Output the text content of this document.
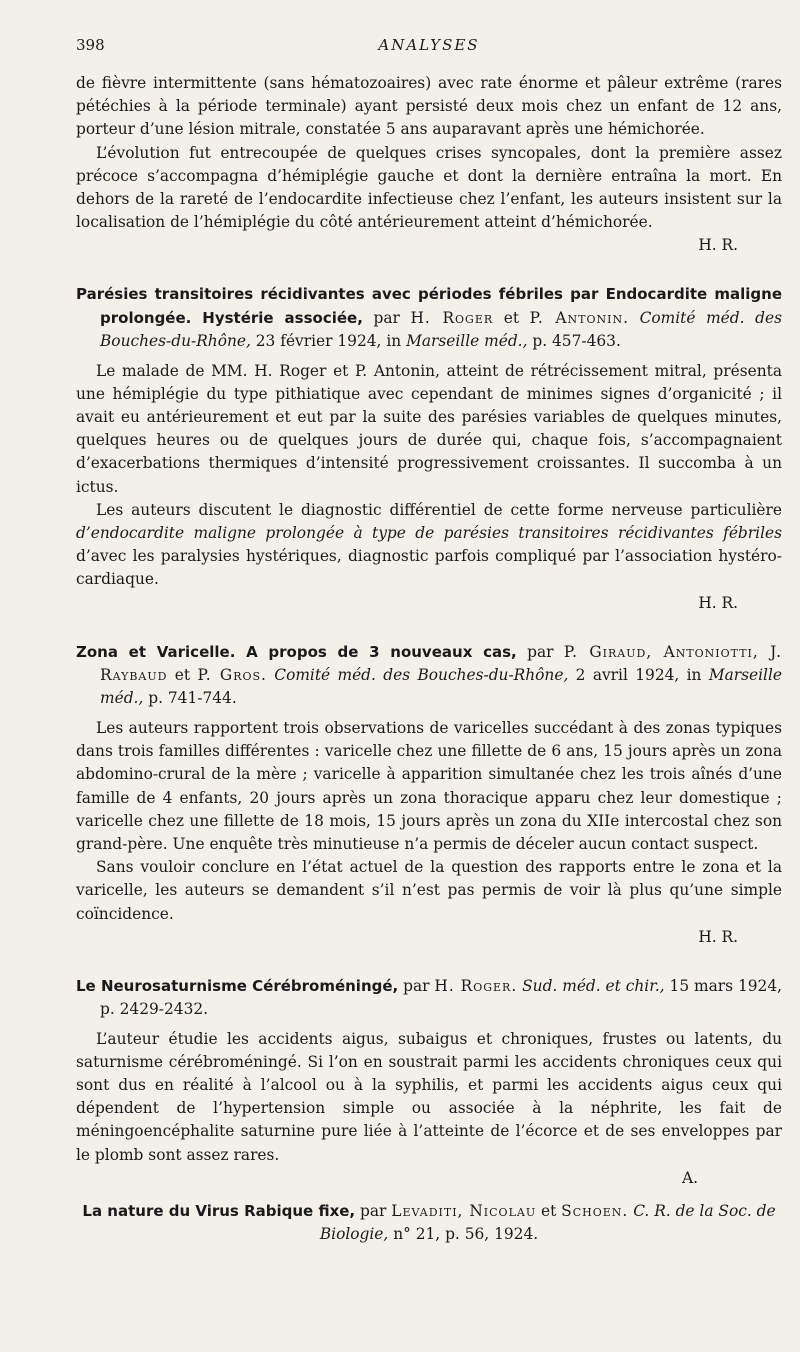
398	ANALYSES

de fièvre intermittente (sans hématozoaires) avec rate énorme et pâleur extrême (rares pétéchies à la période terminale) ayant persisté deux mois chez un enfant de 12 ans, porteur d’une lésion mitrale, constatée 5 ans auparavant après une hémichorée.

L’évolution fut entrecoupée de quelques crises syncopales, dont la première assez précoce s’accompagna d’hémiplégie gauche et dont la dernière entraîna la mort. En dehors de la rareté de l’endocardite infectieuse chez l’enfant, les auteurs insistent sur la localisation de l’hémiplégie du côté antérieurement atteint d’hémichorée.

H. R.

Parésies transitoires récidivantes avec périodes fébriles par Endocardite maligne prolongée. Hystérie associée, par H. Roger et P. Antonin. Comité méd. des Bouches-du-Rhône, 23 février 1924, in Marseille méd., p. 457-463.

Le malade de MM. H. Roger et P. Antonin, atteint de rétrécissement mitral, présenta une hémiplégie du type pithiatique avec cependant de minimes signes d’organicité ; il avait eu antérieurement et eut par la suite des parésies variables de quelques minutes, quelques heures ou de quelques jours de durée qui, chaque fois, s’accompagnaient d’exacerbations thermiques d’intensité progressivement croissantes. Il succomba à un ictus.

Les auteurs discutent le diagnostic différentiel de cette forme nerveuse particulière d’endocardite maligne prolongée à type de parésies transitoires récidivantes fébriles d’avec les paralysies hystériques, diagnostic parfois compliqué par l’association hystéro-cardiaque.

H. R.

Zona et Varicelle. A propos de 3 nouveaux cas, par P. Giraud, Antoniotti, J. Raybaud et P. Gros. Comité méd. des Bouches-du-Rhône, 2 avril 1924, in Marseille méd., p. 741-744.

Les auteurs rapportent trois observations de varicelles succédant à des zonas typiques dans trois familles différentes : varicelle chez une fillette de 6 ans, 15 jours après un zona abdomino-crural de la mère ; varicelle à apparition simultanée chez les trois aînés d’une famille de 4 enfants, 20 jours après un zona thoracique apparu chez leur domestique ; varicelle chez une fillette de 18 mois, 15 jours après un zona du XIIe intercostal chez son grand-père. Une enquête très minutieuse n’a permis de déceler aucun contact suspect.

Sans vouloir conclure en l’état actuel de la question des rapports entre le zona et la varicelle, les auteurs se demandent s’il n’est pas permis de voir là plus qu’une simple coïncidence.

H. R.

Le Neurosaturnisme Cérébroméningé, par H. Roger. Sud. méd. et chir., 15 mars 1924, p. 2429-2432.

L’auteur étudie les accidents aigus, subaigus et chroniques, frustes ou latents, du saturnisme cérébroméningé. Si l’on en soustrait parmi les accidents chroniques ceux qui sont dus en réalité à l’alcool ou à la syphilis, et parmi les accidents aigus ceux qui dépendent de l’hypertension simple ou associée à la néphrite, les fait de méningoencéphalite saturnine pure liée à l’atteinte de l’écorce et de ses enveloppes par le plomb sont assez rares.

A.

La nature du Virus Rabique fixe, par Levaditi, Nicolau et Schoen. C. R. de la Soc. de Biologie, n° 21, p. 56, 1924.
